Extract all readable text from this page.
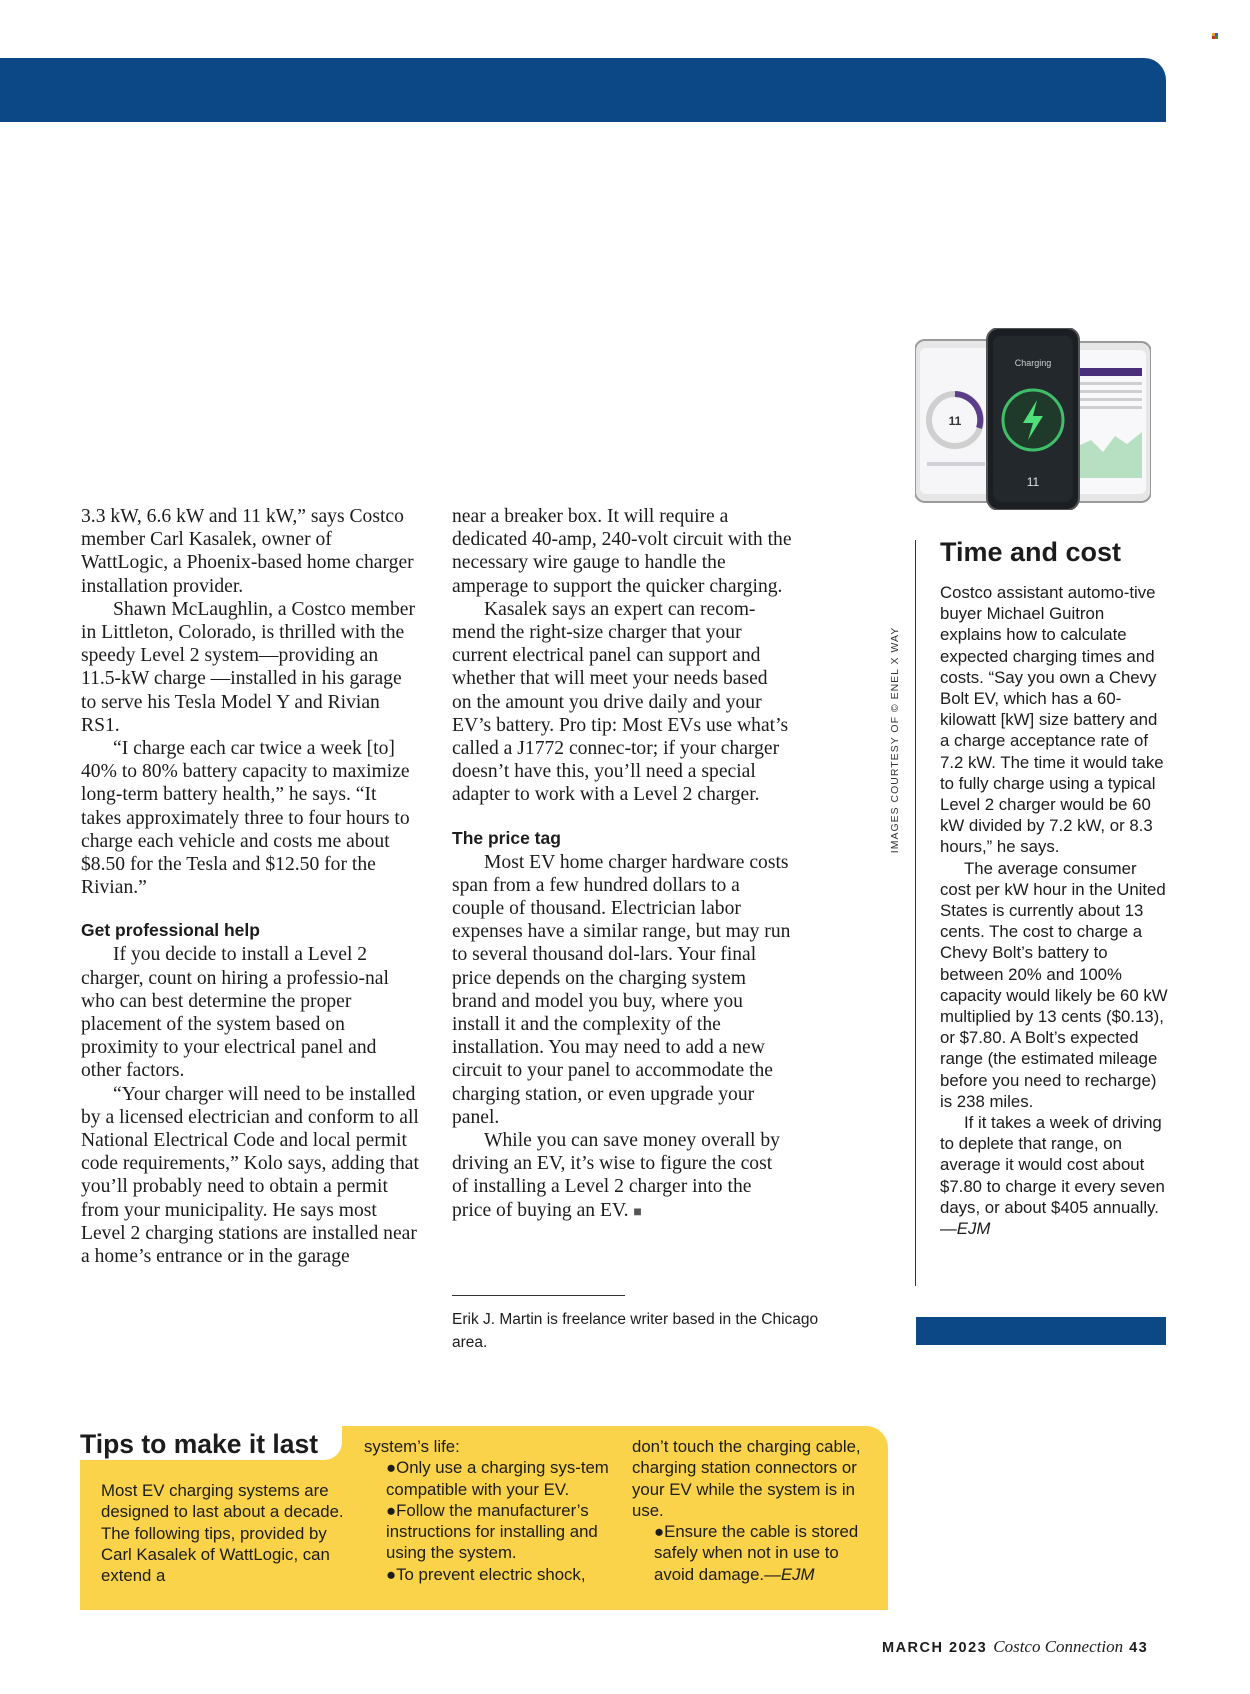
3.3 kW, 6.6 kW and 11 kW,” says Costco member Carl Kasalek, owner of WattLogic, a Phoenix-based home charger installation provider.

Shawn McLaughlin, a Costco member in Littleton, Colorado, is thrilled with the speedy Level 2 system—providing an 11.5-kW charge —installed in his garage to serve his Tesla Model Y and Rivian RS1.

“I charge each car twice a week [to] 40% to 80% battery capacity to maximize long-term battery health,” he says. “It takes approximately three to four hours to charge each vehicle and costs me about $8.50 for the Tesla and $12.50 for the Rivian.”

Get professional help

If you decide to install a Level 2 charger, count on hiring a professio-nal who can best determine the proper placement of the system based on proximity to your electrical panel and other factors.

“Your charger will need to be installed by a licensed electrician and conform to all National Electrical Code and local permit code requirements,” Kolo says, adding that you’ll probably need to obtain a permit from your municipality. He says most Level 2 charging stations are installed near a home’s entrance or in the garage

near a breaker box. It will require a dedicated 40-amp, 240-volt circuit with the necessary wire gauge to handle the amperage to support the quicker charging.

Kasalek says an expert can recom-mend the right-size charger that your current electrical panel can support and whether that will meet your needs based on the amount you drive daily and your EV’s battery. Pro tip: Most EVs use what’s called a J1772 connec-tor; if your charger doesn’t have this, you’ll need a special adapter to work with a Level 2 charger.

The price tag

Most EV home charger hardware costs span from a few hundred dollars to a couple of thousand. Electrician labor expenses have a similar range, but may run to several thousand dol-lars. Your final price depends on the charging system brand and model you buy, where you install it and the complexity of the installation. You may need to add a new circuit to your panel to accommodate the charging station, or even upgrade your panel.

While you can save money overall by driving an EV, it’s wise to figure the cost of installing a Level 2 charger into the price of buying an EV. ■

Erik J. Martin is freelance writer based in the Chicago area.
11
Charging
11
IMAGES COURTESY OF © ENEL X WAY
Time and cost

Costco assistant automo-tive buyer Michael Guitron explains how to calculate expected charging times and costs. “Say you own a Chevy Bolt EV, which has a 60-kilowatt [kW] size battery and a charge acceptance rate of 7.2 kW. The time it would take to fully charge using a typical Level 2 charger would be 60 kW divided by 7.2 kW, or 8.3 hours,” he says.

The average consumer cost per kW hour in the United States is currently about 13 cents. The cost to charge a Chevy Bolt’s battery to between 20% and 100% capacity would likely be 60 kW multiplied by 13 cents ($0.13), or $7.80. A Bolt’s expected range (the estimated mileage before you need to recharge) is 238 miles.

If it takes a week of driving to deplete that range, on average it would cost about $7.80 to charge it every seven days, or about $405 annually.—EJM

Tips to make it last

Most EV charging systems are designed to last about a decade. The following tips, provided by Carl Kasalek of WattLogic, can extend a

system’s life:

●Only use a charging sys-tem compatible with your EV.

●Follow the manufacturer’s instructions for installing and using the system.

●To prevent electric shock,

don’t touch the charging cable, charging station connectors or your EV while the system is in use.

●Ensure the cable is stored safely when not in use to avoid damage.—EJM

MARCH 2023 Costco Connection 43
